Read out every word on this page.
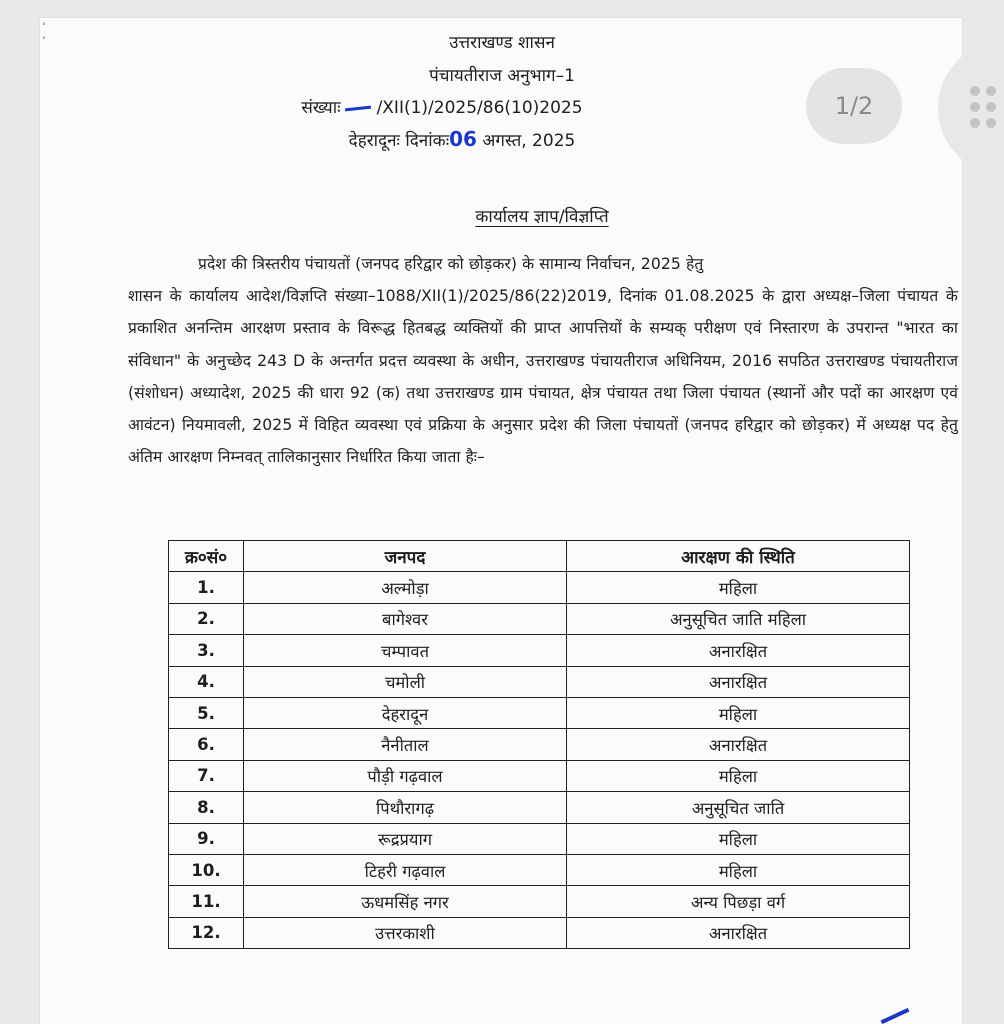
ʻ
ʻ	उत्तराखण्ड शासन
पंचायतीराज अनुभाग–1
संख्याः /XII(1)/2025/86(10)2025
देहरादूनः दिनांकः06 अगस्त, 2025
कार्यालय ज्ञाप/विज्ञप्ति
प्रदेश की त्रिस्तरीय पंचायतों (जनपद हरिद्वार को छोड़कर) के सामान्य निर्वाचन, 2025 हेतु
शासन के कार्यालय आदेश/विज्ञप्ति संख्या–1088/XII(1)/2025/86(22)2019, दिनांक 01.08.2025 के द्वारा अध्यक्ष–जिला पंचायत के प्रकाशित अनन्तिम आरक्षण प्रस्ताव के विरूद्ध हितबद्ध व्यक्तियों की प्राप्त आपत्तियों के सम्यक् परीक्षण एवं निस्तारण के उपरान्त "भारत का संविधान" के अनुच्छेद 243 D के अन्तर्गत प्रदत्त व्यवस्था के अधीन, उत्तराखण्ड पंचायतीराज अधिनियम, 2016 सपठित उत्तराखण्ड पंचायतीराज (संशोधन) अध्यादेश, 2025 की धारा 92 (क) तथा उत्तराखण्ड ग्राम पंचायत, क्षेत्र पंचायत तथा जिला पंचायत (स्थानों और पदों का आरक्षण एवं आवंटन) नियमावली, 2025 में विहित व्यवस्था एवं प्रक्रिया के अनुसार प्रदेश की जिला पंचायतों (जनपद हरिद्वार को छोड़कर) में अध्यक्ष पद हेतु अंतिम आरक्षण निम्नवत् तालिकानुसार निर्धारित किया जाता हैः–
क्र०सं०	जनपद	आरक्षण की स्थिति
1.	अल्मोड़ा	महिला
2.	बागेश्वर	अनुसूचित जाति महिला
3.	चम्पावत	अनारक्षित
4.	चमोली	अनारक्षित
5.	देहरादून	महिला
6.	नैनीताल	अनारक्षित
7.	पौड़ी गढ़वाल	महिला
8.	पिथौरागढ़	अनुसूचित जाति
9.	रूद्रप्रयाग	महिला
10.	टिहरी गढ़वाल	महिला
11.	ऊधमसिंह नगर	अन्य पिछड़ा वर्ग
12.	उत्तरकाशी	अनारक्षित
1/2
